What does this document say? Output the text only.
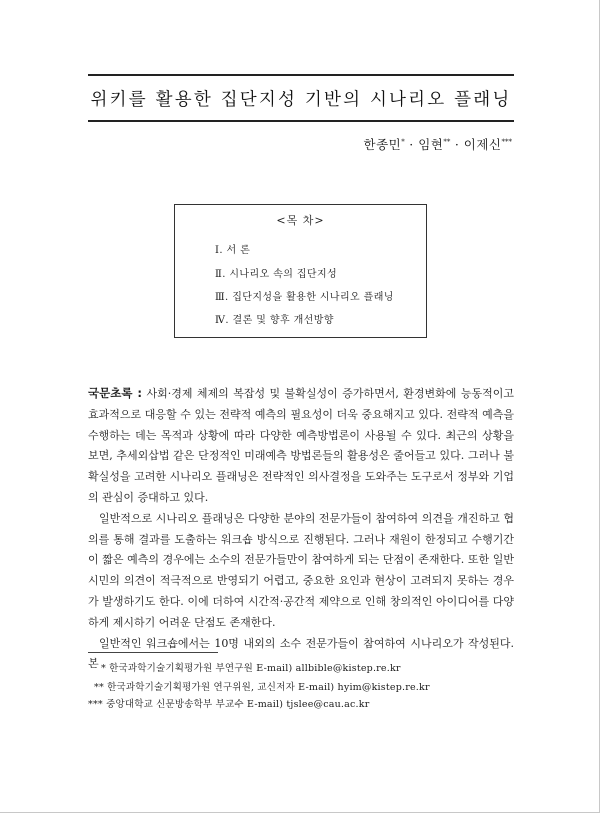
위키를 활용한 집단지성 기반의 시나리오 플래닝
한종민* · 임현** · 이제신***
<목 차>
Ⅰ. 서 론
Ⅱ. 시나리오 속의 집단지성
Ⅲ. 집단지성을 활용한 시나리오 플래닝
Ⅳ. 결론 및 향후 개선방향

국문초록 : 사회·경제 체제의 복잡성 및 불확실성이 증가하면서, 환경변화에 능동적이고 효과적으로 대응할 수 있는 전략적 예측의 필요성이 더욱 중요해지고 있다. 전략적 예측을 수행하는 데는 목적과 상황에 따라 다양한 예측방법론이 사용될 수 있다. 최근의 상황을 보면, 추세외삽법 같은 단정적인 미래예측 방법론들의 활용성은 줄어들고 있다. 그러나 불확실성을 고려한 시나리오 플래닝은 전략적인 의사결정을 도와주는 도구로서 정부와 기업의 관심이 증대하고 있다.

일반적으로 시나리오 플래닝은 다양한 분야의 전문가들이 참여하여 의견을 개진하고 협의를 통해 결과를 도출하는 워크숍 방식으로 진행된다. 그러나 재원이 한정되고 수행기간이 짧은 예측의 경우에는 소수의 전문가들만이 참여하게 되는 단점이 존재한다. 또한 일반시민의 의견이 적극적으로 반영되기 어렵고, 중요한 요인과 현상이 고려되지 못하는 경우가 발생하기도 한다. 이에 더하여 시간적·공간적 제약으로 인해 창의적인 아이디어를 다양하게 제시하기 어려운 단점도 존재한다.

일반적인 워크숍에서는 10명 내외의 소수 전문가들이 참여하여 시나리오가 작성된다. 본 * 한국과학기술기획평가원 부연구원 E-mail) allbible@kistep.re.kr
** 한국과학기술기획평가원 연구위원, 교신저자 E-mail) hyim@kistep.re.kr
*** 중앙대학교 신문방송학부 부교수 E-mail) tjslee@cau.ac.kr
